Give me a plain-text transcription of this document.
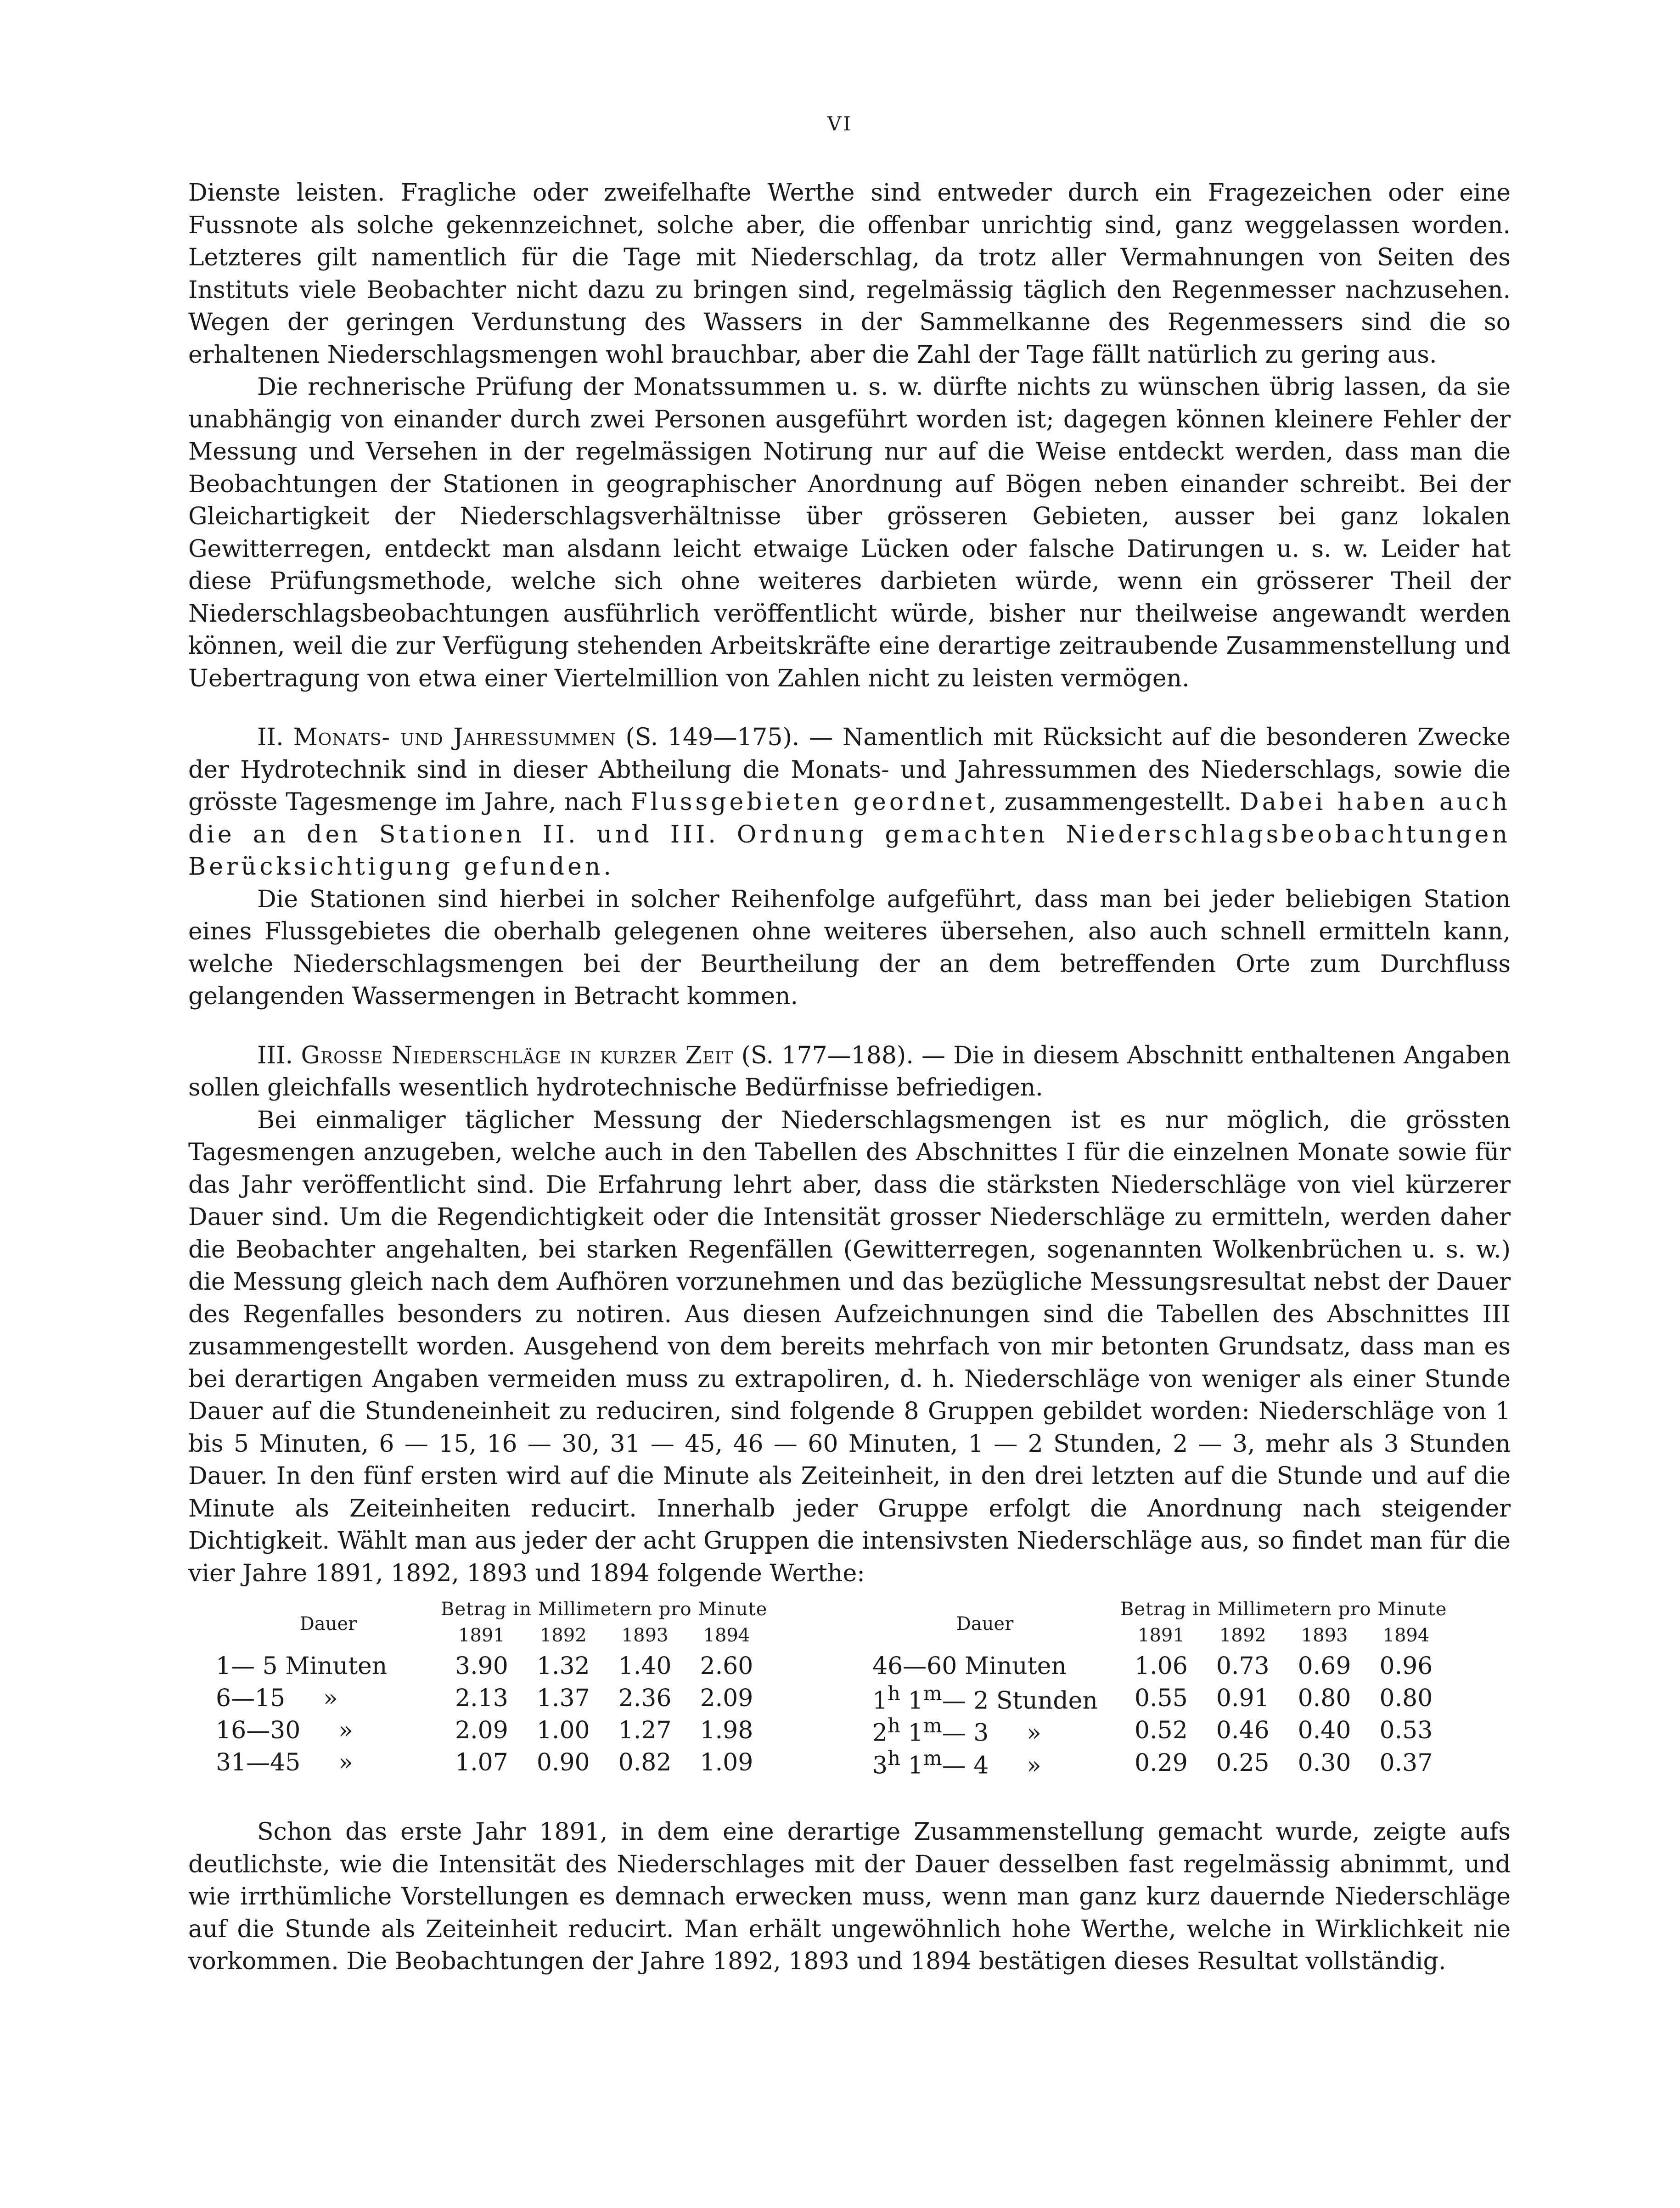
VI

Dienste leisten. Fragliche oder zweifelhafte Werthe sind entweder durch ein Fragezeichen oder eine Fussnote als solche gekennzeichnet, solche aber, die offenbar unrichtig sind, ganz weggelassen worden. Letzteres gilt namentlich für die Tage mit Niederschlag, da trotz aller Vermahnungen von Seiten des Instituts viele Beobachter nicht dazu zu bringen sind, regelmässig täglich den Regenmesser nachzusehen. Wegen der geringen Verdunstung des Wassers in der Sammelkanne des Regenmessers sind die so erhaltenen Niederschlagsmengen wohl brauchbar, aber die Zahl der Tage fällt natürlich zu gering aus.

Die rechnerische Prüfung der Monatssummen u. s. w. dürfte nichts zu wünschen übrig lassen, da sie unabhängig von einander durch zwei Personen ausgeführt worden ist; dagegen können kleinere Fehler der Messung und Versehen in der regelmässigen Notirung nur auf die Weise entdeckt werden, dass man die Beobachtungen der Stationen in geographischer Anordnung auf Bögen neben einander schreibt. Bei der Gleichartigkeit der Niederschlagsverhältnisse über grösseren Gebieten, ausser bei ganz lokalen Gewitterregen, entdeckt man alsdann leicht etwaige Lücken oder falsche Datirungen u. s. w. Leider hat diese Prüfungsmethode, welche sich ohne weiteres darbieten würde, wenn ein grösserer Theil der Niederschlagsbeobachtungen ausführlich veröffentlicht würde, bisher nur theilweise angewandt werden können, weil die zur Verfügung stehenden Arbeitskräfte eine derartige zeitraubende Zusammenstellung und Uebertragung von etwa einer Viertelmillion von Zahlen nicht zu leisten vermögen.

II. Monats- und Jahressummen (S. 149—175). — Namentlich mit Rücksicht auf die besonderen Zwecke der Hydrotechnik sind in dieser Abtheilung die Monats- und Jahressummen des Niederschlags, sowie die grösste Tagesmenge im Jahre, nach Flussgebieten geordnet, zusammengestellt. Dabei haben auch die an den Stationen II. und III. Ordnung gemachten Niederschlagsbeobachtungen Berücksichtigung gefunden.

Die Stationen sind hierbei in solcher Reihenfolge aufgeführt, dass man bei jeder beliebigen Station eines Flussgebietes die oberhalb gelegenen ohne weiteres übersehen, also auch schnell ermitteln kann, welche Niederschlagsmengen bei der Beurtheilung der an dem betreffenden Orte zum Durchfluss gelangenden Wassermengen in Betracht kommen.

III. Grosse Niederschläge in kurzer Zeit (S. 177—188). — Die in diesem Abschnitt enthaltenen Angaben sollen gleichfalls wesentlich hydrotechnische Bedürfnisse befriedigen.

Bei einmaliger täglicher Messung der Niederschlagsmengen ist es nur möglich, die grössten Tagesmengen anzugeben, welche auch in den Tabellen des Abschnittes I für die einzelnen Monate sowie für das Jahr veröffentlicht sind. Die Erfahrung lehrt aber, dass die stärksten Niederschläge von viel kürzerer Dauer sind. Um die Regendichtigkeit oder die Intensität grosser Niederschläge zu ermitteln, werden daher die Beobachter angehalten, bei starken Regenfällen (Gewitterregen, sogenannten Wolkenbrüchen u. s. w.) die Messung gleich nach dem Aufhören vorzunehmen und das bezügliche Messungsresultat nebst der Dauer des Regenfalles besonders zu notiren. Aus diesen Aufzeichnungen sind die Tabellen des Abschnittes III zusammengestellt worden. Ausgehend von dem bereits mehrfach von mir betonten Grundsatz, dass man es bei derartigen Angaben vermeiden muss zu extrapoliren, d. h. Niederschläge von weniger als einer Stunde Dauer auf die Stundeneinheit zu reduciren, sind folgende 8 Gruppen gebildet worden: Niederschläge von 1 bis 5 Minuten, 6 — 15, 16 — 30, 31 — 45, 46 — 60 Minuten, 1 — 2 Stunden, 2 — 3, mehr als 3 Stunden Dauer. In den fünf ersten wird auf die Minute als Zeiteinheit, in den drei letzten auf die Stunde und auf die Minute als Zeiteinheiten reducirt. Innerhalb jeder Gruppe erfolgt die Anordnung nach steigender Dichtigkeit. Wählt man aus jeder der acht Gruppen die intensivsten Niederschläge aus, so findet man für die vier Jahre 1891, 1892, 1893 und 1894 folgende Werthe:

Dauer	Betrag in Millimetern pro Minute			
	1891	1892	1893	1894
1— 5 Minuten	3.90	1.32	1.40	2.60
6—15     »	2.13	1.37	2.36	2.09
16—30     »	2.09	1.00	1.27	1.98
31—45     »	1.07	0.90	0.82	1.09
Dauer	Betrag in Millimetern pro Minute			
	1891	1892	1893	1894
46—60 Minuten	1.06	0.73	0.69	0.96
1$^h$ 1$^m$— 2 Stunden	0.55	0.91	0.80	0.80
2$^h$ 1$^m$— 3     »	0.52	0.46	0.40	0.53
3$^h$ 1$^m$— 4     »	0.29	0.25	0.30	0.37

Schon das erste Jahr 1891, in dem eine derartige Zusammenstellung gemacht wurde, zeigte aufs deutlichste, wie die Intensität des Niederschlages mit der Dauer desselben fast regelmässig abnimmt, und wie irrthümliche Vorstellungen es demnach erwecken muss, wenn man ganz kurz dauernde Niederschläge auf die Stunde als Zeiteinheit reducirt. Man erhält ungewöhnlich hohe Werthe, welche in Wirklichkeit nie vorkommen. Die Beobachtungen der Jahre 1892, 1893 und 1894 bestätigen dieses Resultat vollständig.
